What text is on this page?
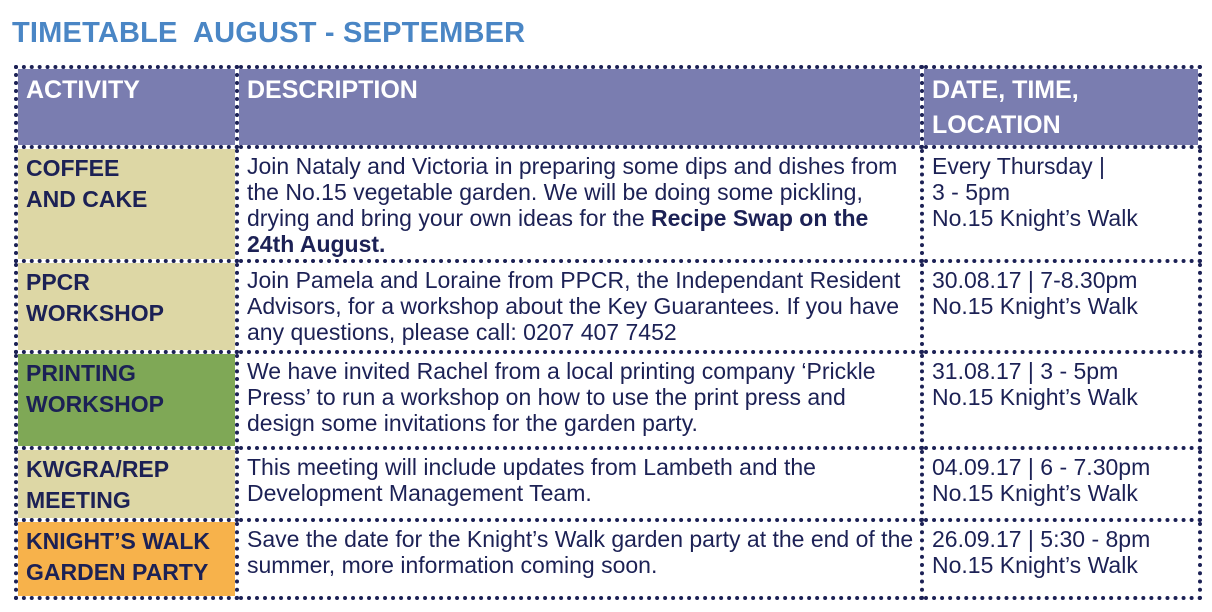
TIMETABLE  AUGUST - SEPTEMBER
ACTIVITY	DESCRIPTION	DATE, TIME,
LOCATION

COFFEE
AND CAKE	Join Nataly and Victoria in preparing some dips and dishes from the No.15 vegetable garden. We will be doing some pickling, drying and bring your own ideas for the Recipe Swap on the 24th August.	Every Thursday |
3 - 5pm
No.15 Knight’s Walk

PPCR
WORKSHOP	Join Pamela and Loraine from PPCR, the Independant Resident Advisors, for a workshop about the Key Guarantees. If you have any questions, please call: 0207 407 7452	30.08.17 | 7-8.30pm
No.15 Knight’s Walk

PRINTING
WORKSHOP	We have invited Rachel from a local printing company ‘Prickle Press’ to run a workshop on how to use the print press and design some invitations for the garden party.	31.08.17 | 3 - 5pm
No.15 Knight’s Walk

KWGRA/REP
MEETING	This meeting will include updates from Lambeth and the Development Management Team.	04.09.17 | 6 - 7.30pm
No.15 Knight’s Walk

KNIGHT’S WALK
GARDEN PARTY	Save the date for the Knight’s Walk garden party at the end of the summer, more information coming soon.	26.09.17 | 5:30 - 8pm
No.15 Knight’s Walk
